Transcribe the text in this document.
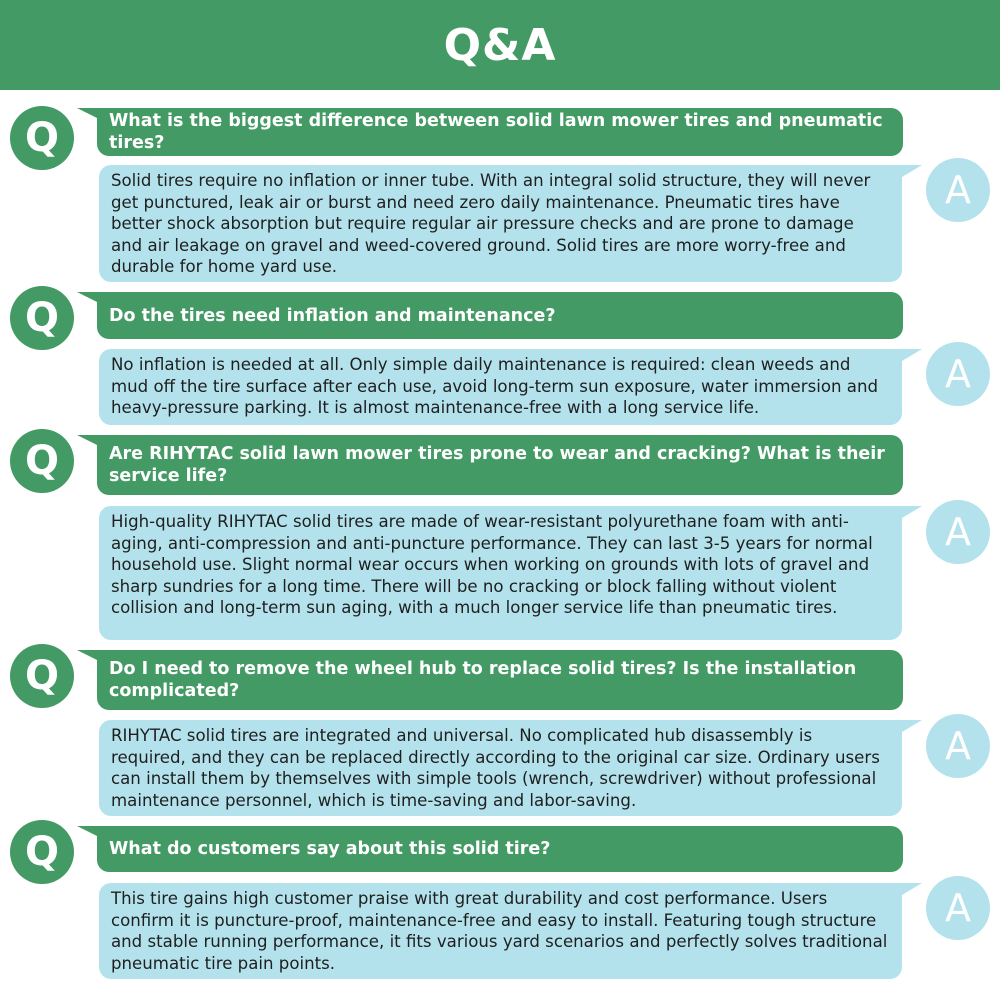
Q&A
Q	What is the biggest difference between solid lawn mower tires and pneumatic tires?
Solid tires require no inflation or inner tube. With an integral solid structure, they will never get punctured, leak air or burst and need zero daily maintenance. Pneumatic tires have better shock absorption but require regular air pressure checks and are prone to damage and air leakage on gravel and weed-covered ground. Solid tires are more worry-free and durable for home yard use.
A
Q	Do the tires need inflation and maintenance?
No inflation is needed at all. Only simple daily maintenance is required: clean weeds and mud off the tire surface after each use, avoid long-term sun exposure, water immersion and heavy-pressure parking. It is almost maintenance-free with a long service life.
A
Q	Are RIHYTAC solid lawn mower tires prone to wear and cracking? What is their service life?
High-quality RIHYTAC solid tires are made of wear-resistant polyurethane foam with anti-aging, anti-compression and anti-puncture performance. They can last 3-5 years for normal household use. Slight normal wear occurs when working on grounds with lots of gravel and sharp sundries for a long time. There will be no cracking or block falling without violent collision and long-term sun aging, with a much longer service life than pneumatic tires.
A
Q	Do I need to remove the wheel hub to replace solid tires? Is the installation complicated?
RIHYTAC solid tires are integrated and universal. No complicated hub disassembly is required, and they can be replaced directly according to the original car size. Ordinary users can install them by themselves with simple tools (wrench, screwdriver) without professional maintenance personnel, which is time-saving and labor-saving.
A
Q	What do customers say about this solid tire?
This tire gains high customer praise with great durability and cost performance. Users confirm it is puncture-proof, maintenance-free and easy to install. Featuring tough structure and stable running performance, it fits various yard scenarios and perfectly solves traditional pneumatic tire pain points.
A
